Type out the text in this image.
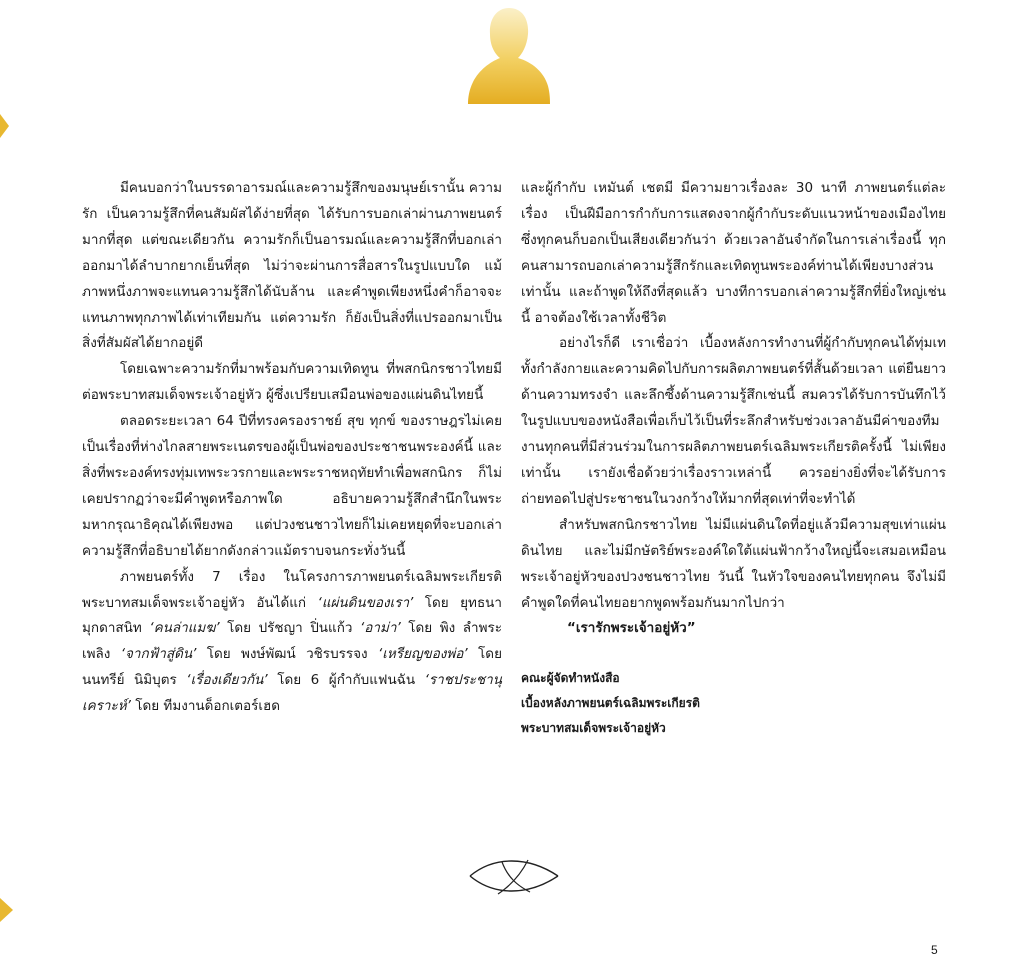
มีคนบอกว่าในบรรดาอารมณ์และความรู้สึกของมนุษย์เรานั้น ความรัก เป็นความรู้สึกที่คนสัมผัสได้ง่ายที่สุด ได้รับการบอกเล่าผ่านภาพยนตร์มากที่สุด แต่ขณะเดียวกัน ความรักก็เป็นอารมณ์และความรู้สึกที่บอกเล่าออกมาได้ลำบากยากเย็นที่สุด ไม่ว่าจะผ่านการสื่อสารในรูปแบบใด แม้ภาพหนึ่งภาพจะแทนความรู้สึกได้นับล้าน และคำพูดเพียงหนึ่งคำก็อาจจะแทนภาพทุกภาพได้เท่าเทียมกัน แต่ความรัก ก็ยังเป็นสิ่งที่แปรออกมาเป็นสิ่งที่สัมผัสได้ยากอยู่ดี

โดยเฉพาะความรักที่มาพร้อมกับความเทิดทูน ที่พสกนิกรชาวไทยมีต่อพระบาทสมเด็จพระเจ้าอยู่หัว ผู้ซึ่งเปรียบเสมือนพ่อของแผ่นดินไทยนี้

ตลอดระยะเวลา 64 ปีที่ทรงครองราชย์ สุข ทุกข์ ของราษฎรไม่เคยเป็นเรื่องที่ห่างไกลสายพระเนตรของผู้เป็นพ่อของประชาชนพระองค์นี้ และสิ่งที่พระองค์ทรงทุ่มเทพระวรกายและพระราชหฤทัยทำเพื่อพสกนิกร ก็ไม่เคยปรากฏว่าจะมีคำพูดหรือภาพใด อธิบายความรู้สึกสำนึกในพระมหากรุณาธิคุณได้เพียงพอ แต่ปวงชนชาวไทยก็ไม่เคยหยุดที่จะบอกเล่าความรู้สึกที่อธิบายได้ยากดังกล่าวแม้ตราบจนกระทั่งวันนี้

ภาพยนตร์ทั้ง 7 เรื่อง ในโครงการภาพยนตร์เฉลิมพระเกียรติพระบาทสมเด็จพระเจ้าอยู่หัว อันได้แก่ ‘แผ่นดินของเรา’ โดย ยุทธนา มุกดาสนิท ‘คนล่าแมฆ’ โดย ปรัชญา ปิ่นแก้ว ‘อาม่า’ โดย พิง ลำพระเพลิง ‘จากฟ้าสู่ดิน’ โดย พงษ์พัฒน์ วชิรบรรจง ‘เหรียญของพ่อ’ โดย นนทรีย์ นิมิบุตร ‘เรื่องเดียวกัน’ โดย 6 ผู้กำกับแฟนฉัน ‘ราชประชานุเคราะห์’ โดย ทีมงานด็อกเตอร์เฮด

และผู้กำกับ เหมันต์ เชตมี มีความยาวเรื่องละ 30 นาที ภาพยนตร์แต่ละเรื่อง เป็นฝีมือการกำกับการแสดงจากผู้กำกับระดับแนวหน้าของเมืองไทย ซึ่งทุกคนก็บอกเป็นเสียงเดียวกันว่า ด้วยเวลาอันจำกัดในการเล่าเรื่องนี้ ทุกคนสามารถบอกเล่าความรู้สึกรักและเทิดทูนพระองค์ท่านได้เพียงบางส่วนเท่านั้น และถ้าพูดให้ถึงที่สุดแล้ว บางทีการบอกเล่าความรู้สึกที่ยิ่งใหญ่เช่นนี้ อาจต้องใช้เวลาทั้งชีวิต

อย่างไรก็ดี เราเชื่อว่า เบื้องหลังการทำงานที่ผู้กำกับทุกคนได้ทุ่มเททั้งกำลังกายและความคิดไปกับการผลิตภาพยนตร์ที่สั้นด้วยเวลา แต่ยืนยาวด้านความทรงจำ และลึกซึ้งด้านความรู้สึกเช่นนี้ สมควรได้รับการบันทึกไว้ในรูปแบบของหนังสือเพื่อเก็บไว้เป็นที่ระลึกสำหรับช่วงเวลาอันมีค่าของทีมงานทุกคนที่มีส่วนร่วมในการผลิตภาพยนตร์เฉลิมพระเกียรติครั้งนี้ ไม่เพียงเท่านั้น เรายังเชื่อด้วยว่าเรื่องราวเหล่านี้ ควรอย่างยิ่งที่จะได้รับการถ่ายทอดไปสู่ประชาชนในวงกว้างให้มากที่สุดเท่าที่จะทำได้

สำหรับพสกนิกรชาวไทย ไม่มีแผ่นดินใดที่อยู่แล้วมีความสุขเท่าแผ่นดินไทย และไม่มีกษัตริย์พระองค์ใดใต้แผ่นฟ้ากว้างใหญ่นี้จะเสมอเหมือนพระเจ้าอยู่หัวของปวงชนชาวไทย วันนี้ ในหัวใจของคนไทยทุกคน จึงไม่มีคำพูดใดที่คนไทยอยากพูดพร้อมกันมากไปกว่า

“เรารักพระเจ้าอยู่หัว”

คณะผู้จัดทำหนังสือ
เบื้องหลังภาพยนตร์เฉลิมพระเกียรติ
พระบาทสมเด็จพระเจ้าอยู่หัว
5
